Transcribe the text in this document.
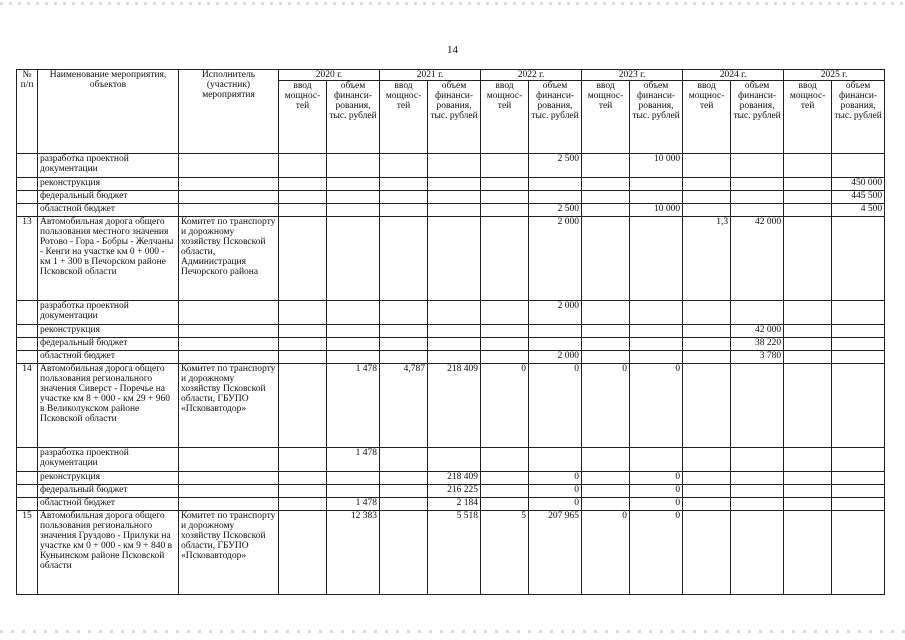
14
№ п/п	Наименование мероприятия, объектов	Исполнитель (участник) мероприятия	2020 г.		2021 г.		2022 г.		2023 г.		2024 г.		2025 г.	
			ввод мощнос-тей	объем финанси-рования, тыс. рублей	ввод мощнос-тей	объем финанси-рования, тыс. рублей	ввод мощнос-тей	объем финанси-рования, тыс. рублей	ввод мощнос-тей	объем финанси-рования, тыс. рублей	ввод мощнос-тей	объем финанси-рования, тыс. рублей	ввод мощнос-тей	объем финанси-рования, тыс. рублей
	разработка проектной документации							2 500		10 000				
	реконструкция													450 000
	федеральный бюджет													445 500
	областной бюджет							2 500		10 000				4 500
13	Автомобильная дорога общего пользования местного значения Ротово - Гора - Бобры - Желчаны - Кенги на участке км 0 + 000 - км 1 + 300 в Печорском районе Псковской области	Комитет по транспорту и дорожному хозяйству Псковской области, Администрация Печорского района						2 000			1,3	42 000		
	разработка проектной документации							2 000						
	реконструкция											42 000		
	федеральный бюджет											38 220		
	областной бюджет							2 000				3 780		
14	Автомобильная дорога общего пользования регионального значения Сиверст - Поречье на участке км 8 + 000 - км 29 + 960 в Великолукском районе Псковской области	Комитет по транспорту и дорожному хозяйству Псковской области, ГБУПО «Псковавтодор»		1 478	4,787	218 409	0	0	0	0				
	разработка проектной документации			1 478										
	реконструкция					218 409		0		0				
	федеральный бюджет					216 225		0		0				
	областной бюджет			1 478		2 184		0		0				
15	Автомобильная дорога общего пользования регионального значения Груздово - Прилуки на участке км 0 + 000 - км 9 + 840 в Куньинском районе Псковской области	Комитет по транспорту и дорожному хозяйству Псковской области, ГБУПО «Псковавтодор»		12 383		5 518	5	207 965	0	0				
